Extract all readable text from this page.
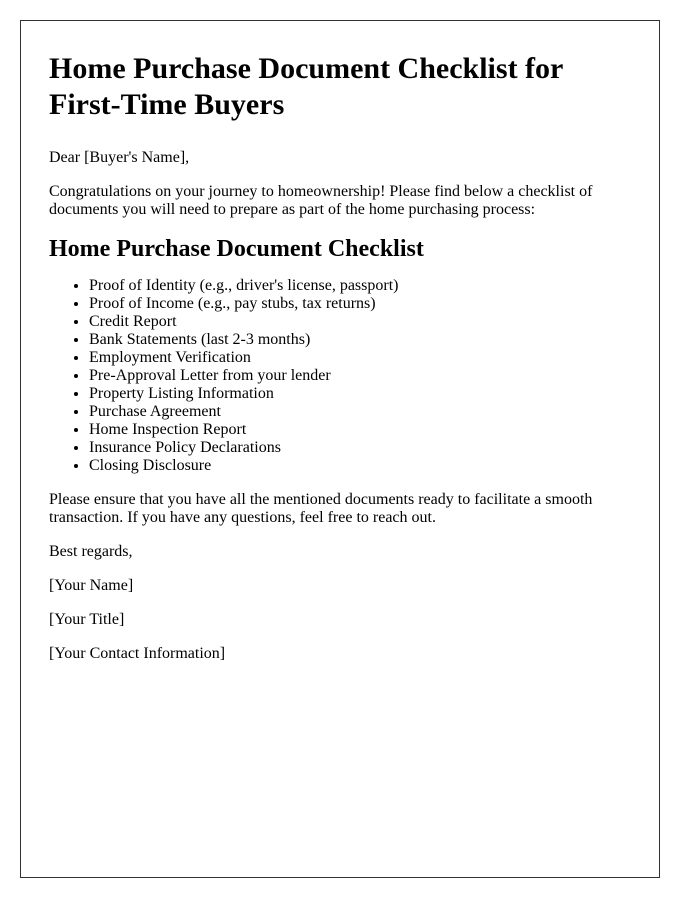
Home Purchase Document Checklist for First-Time Buyers

Dear [Buyer's Name],

Congratulations on your journey to homeownership! Please find below a checklist of documents you will need to prepare as part of the home purchasing process:

Home Purchase Document Checklist
• Proof of Identity (e.g., driver's license, passport)
• Proof of Income (e.g., pay stubs, tax returns)
• Credit Report
• Bank Statements (last 2-3 months)
• Employment Verification
• Pre-Approval Letter from your lender
• Property Listing Information
• Purchase Agreement
• Home Inspection Report
• Insurance Policy Declarations
• Closing Disclosure

Please ensure that you have all the mentioned documents ready to facilitate a smooth transaction. If you have any questions, feel free to reach out.

Best regards,

[Your Name]

[Your Title]

[Your Contact Information]
